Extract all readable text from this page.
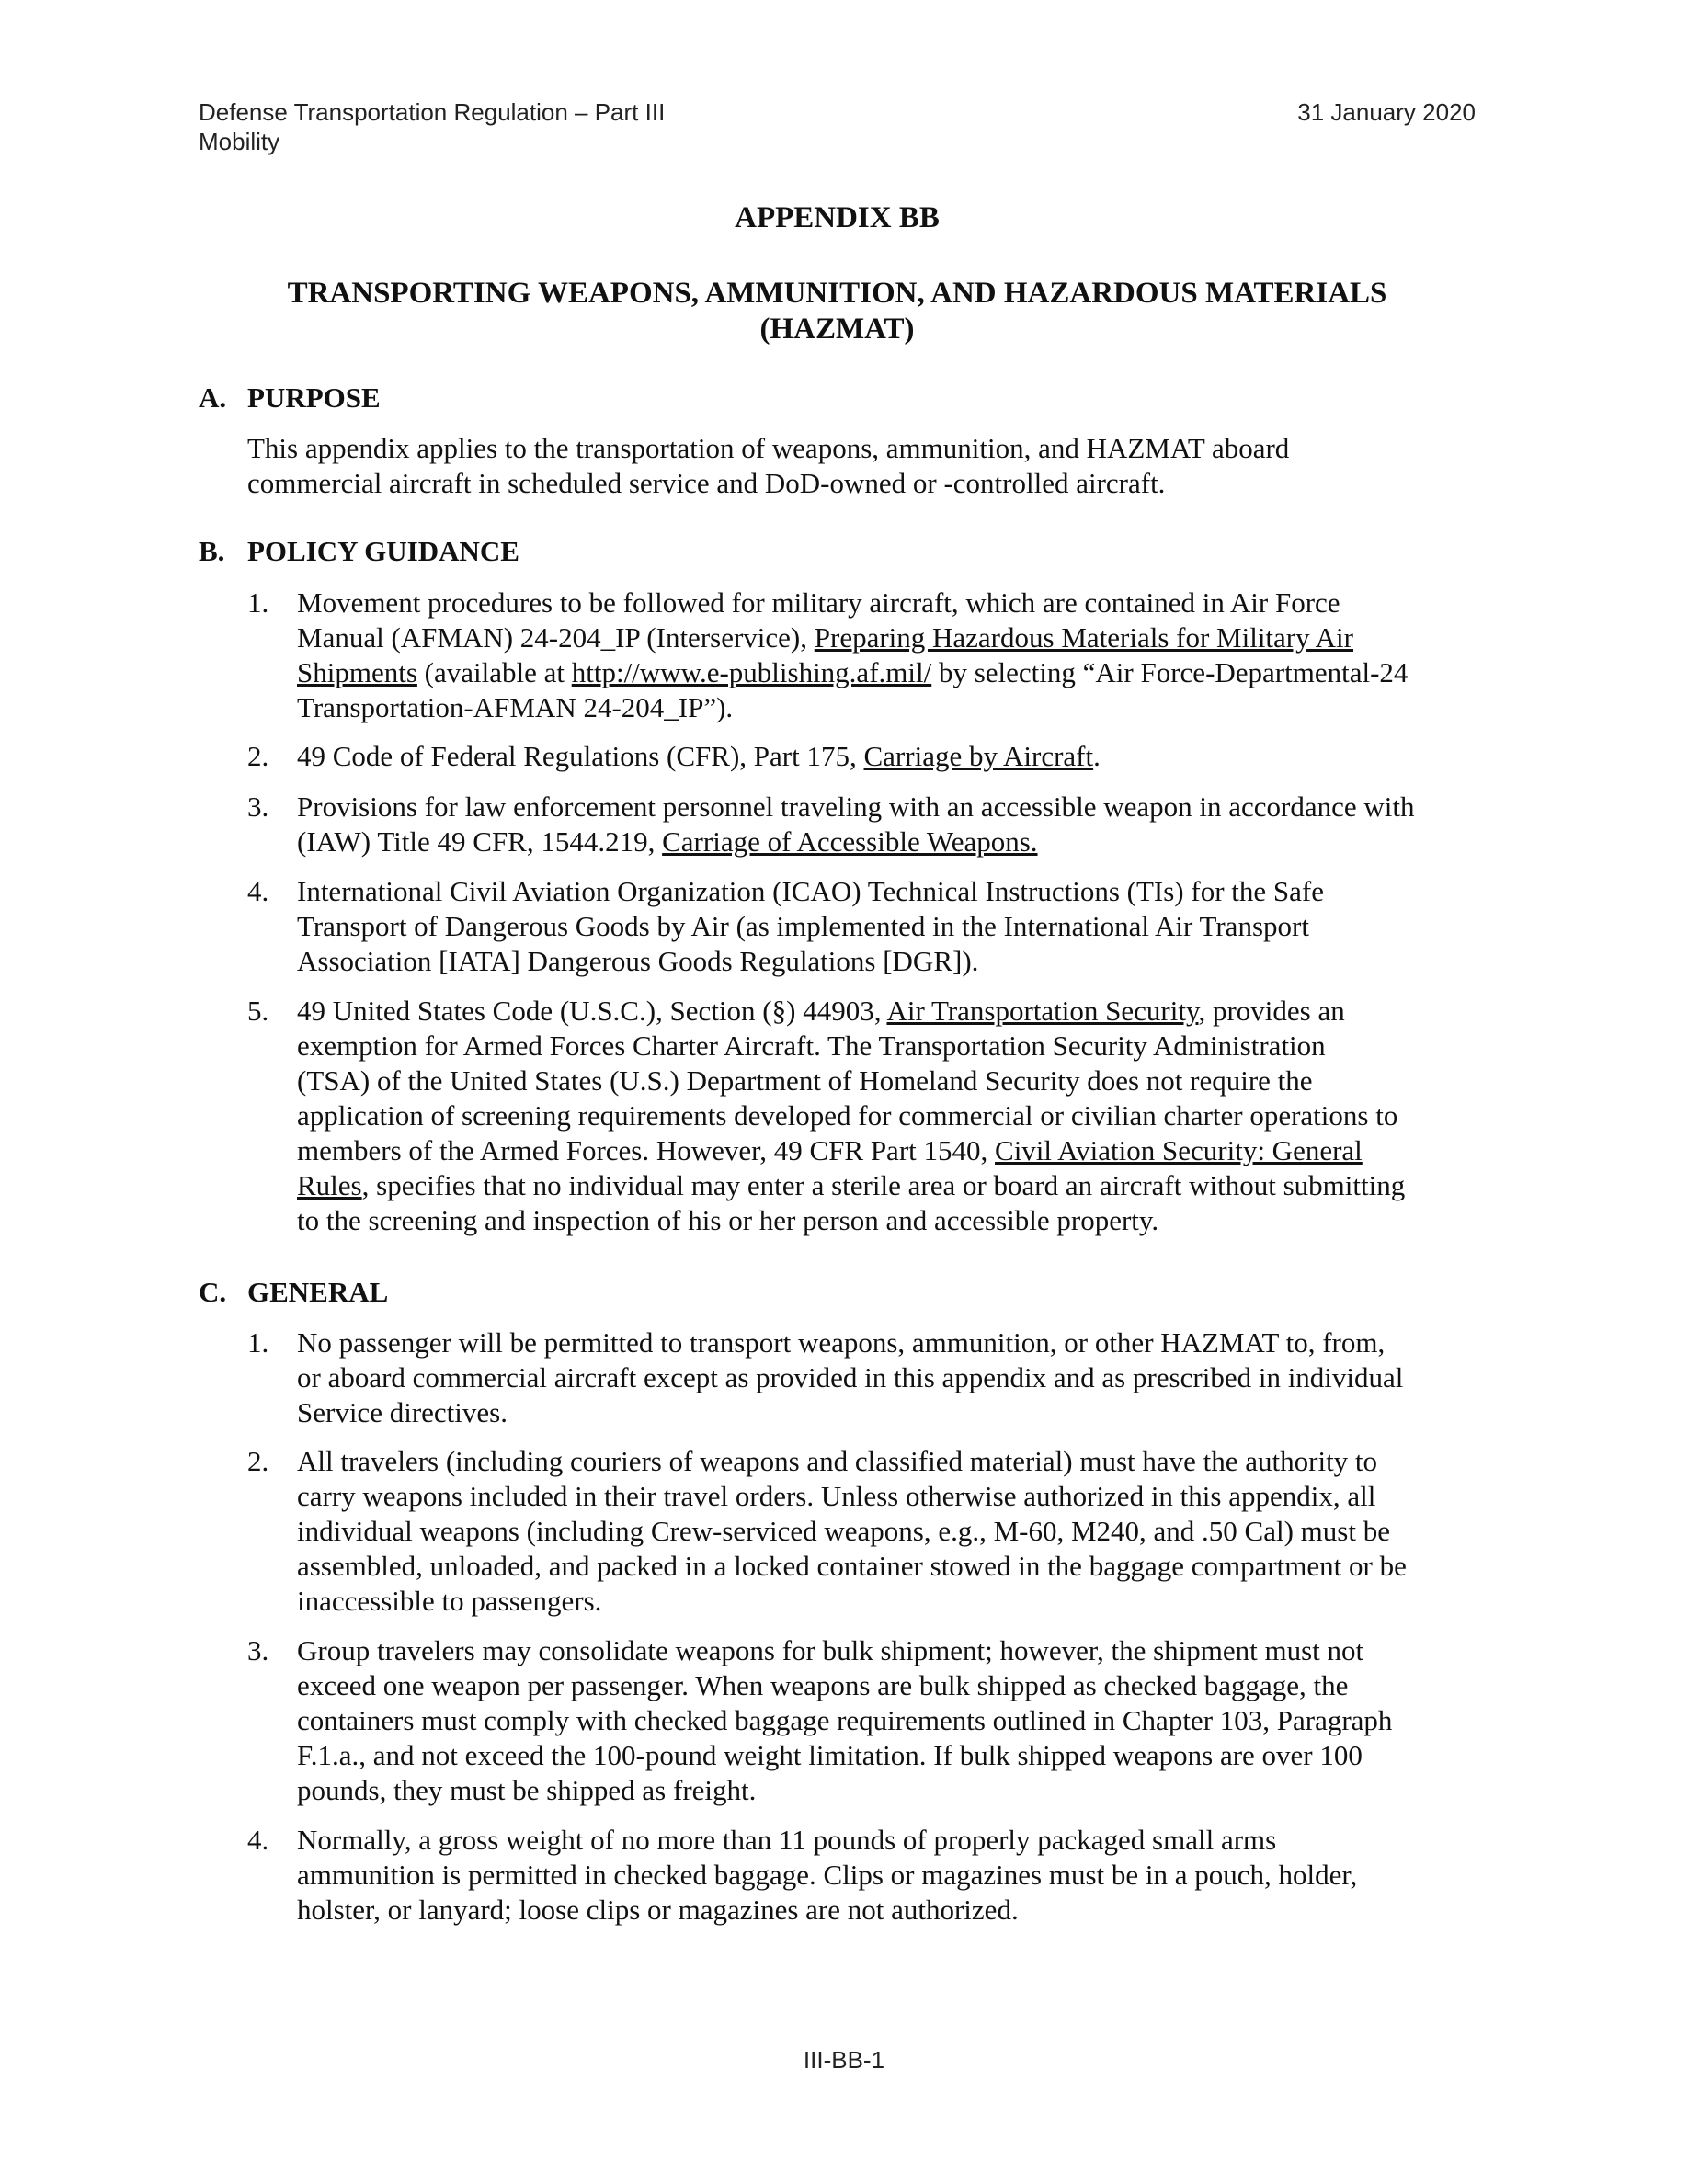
Defense Transportation Regulation – Part III
Mobility
31 January 2020
APPENDIX BB
TRANSPORTING WEAPONS, AMMUNITION, AND HAZARDOUS MATERIALS
(HAZMAT)
A. PURPOSE
This appendix applies to the transportation of weapons, ammunition, and HAZMAT aboard
commercial aircraft in scheduled service and DoD-owned or -controlled aircraft.
B. POLICY GUIDANCE
1. Movement procedures to be followed for military aircraft, which are contained in Air Force
Manual (AFMAN) 24-204_IP (Interservice), Preparing Hazardous Materials for Military Air
Shipments (available at http://www.e-publishing.af.mil/ by selecting “Air Force-Departmental-24
Transportation-AFMAN 24-204_IP”).
2. 49 Code of Federal Regulations (CFR), Part 175, Carriage by Aircraft.
3. Provisions for law enforcement personnel traveling with an accessible weapon in accordance with
(IAW) Title 49 CFR, 1544.219, Carriage of Accessible Weapons.
4. International Civil Aviation Organization (ICAO) Technical Instructions (TIs) for the Safe
Transport of Dangerous Goods by Air (as implemented in the International Air Transport
Association [IATA] Dangerous Goods Regulations [DGR]).
5. 49 United States Code (U.S.C.), Section (§) 44903, Air Transportation Security, provides an
exemption for Armed Forces Charter Aircraft. The Transportation Security Administration
(TSA) of the United States (U.S.) Department of Homeland Security does not require the
application of screening requirements developed for commercial or civilian charter operations to
members of the Armed Forces. However, 49 CFR Part 1540, Civil Aviation Security: General
Rules, specifies that no individual may enter a sterile area or board an aircraft without submitting
to the screening and inspection of his or her person and accessible property.
C. GENERAL
1. No passenger will be permitted to transport weapons, ammunition, or other HAZMAT to, from,
or aboard commercial aircraft except as provided in this appendix and as prescribed in individual
Service directives.
2. All travelers (including couriers of weapons and classified material) must have the authority to
carry weapons included in their travel orders. Unless otherwise authorized in this appendix, all
individual weapons (including Crew-serviced weapons, e.g., M-60, M240, and .50 Cal) must be
assembled, unloaded, and packed in a locked container stowed in the baggage compartment or be
inaccessible to passengers.
3. Group travelers may consolidate weapons for bulk shipment; however, the shipment must not
exceed one weapon per passenger. When weapons are bulk shipped as checked baggage, the
containers must comply with checked baggage requirements outlined in Chapter 103, Paragraph
F.1.a., and not exceed the 100-pound weight limitation. If bulk shipped weapons are over 100
pounds, they must be shipped as freight.
4. Normally, a gross weight of no more than 11 pounds of properly packaged small arms
ammunition is permitted in checked baggage. Clips or magazines must be in a pouch, holder,
holster, or lanyard; loose clips or magazines are not authorized.
III-BB-1
